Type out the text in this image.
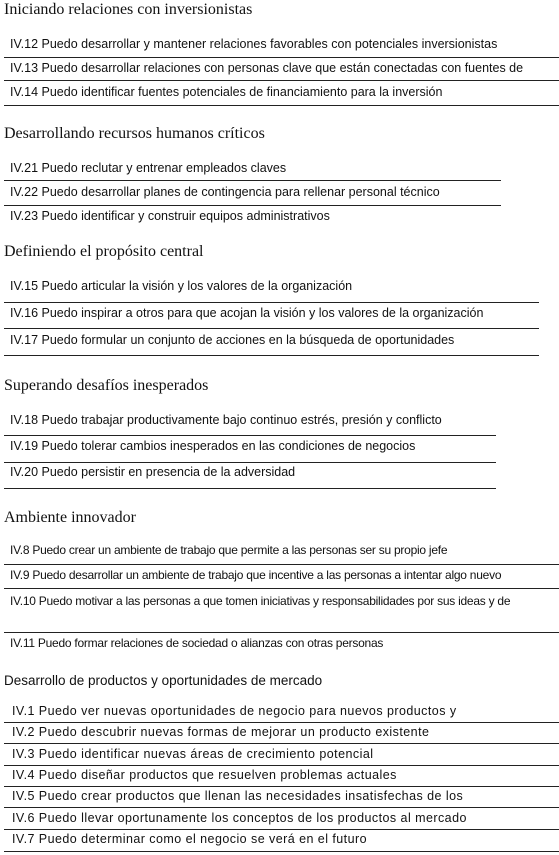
Iniciando relaciones con inversionistas
IV.12 Puedo desarrollar y mantener relaciones favorables con potenciales inversionistas
IV.13 Puedo desarrollar relaciones con personas clave que están conectadas con fuentes de
IV.14 Puedo identificar fuentes potenciales de financiamiento para la inversión
Desarrollando recursos humanos críticos
IV.21 Puedo reclutar y entrenar empleados claves
IV.22 Puedo desarrollar planes de contingencia para rellenar personal técnico
IV.23 Puedo identificar y construir equipos administrativos
Definiendo el propósito central
IV.15 Puedo articular la visión y los valores de la organización
IV.16 Puedo inspirar a otros para que acojan la visión y los valores de la organización
IV.17 Puedo formular un conjunto de acciones en la búsqueda de oportunidades
Superando desafíos inesperados
IV.18 Puedo trabajar productivamente bajo continuo estrés, presión y conflicto
IV.19 Puedo tolerar cambios inesperados en las condiciones de negocios
IV.20 Puedo persistir en presencia de la adversidad
Ambiente innovador
IV.8 Puedo crear un ambiente de trabajo que permite a las personas ser su propio jefe
IV.9 Puedo desarrollar un ambiente de trabajo que incentive a las personas a intentar algo nuevo
IV.10 Puedo motivar a las personas a que tomen iniciativas y responsabilidades por sus ideas y de
IV.11 Puedo formar relaciones de sociedad o alianzas con otras personas
Desarrollo de productos y oportunidades de mercado
IV.1 Puedo ver nuevas oportunidades de negocio para nuevos productos y
IV.2 Puedo descubrir nuevas formas de mejorar un producto existente
IV.3 Puedo identificar nuevas áreas de crecimiento potencial
IV.4 Puedo diseñar productos que resuelven problemas actuales
IV.5 Puedo crear productos que llenan las necesidades insatisfechas de los
IV.6 Puedo llevar oportunamente los conceptos de los productos al mercado
IV.7 Puedo determinar como el negocio se verá en el futuro
